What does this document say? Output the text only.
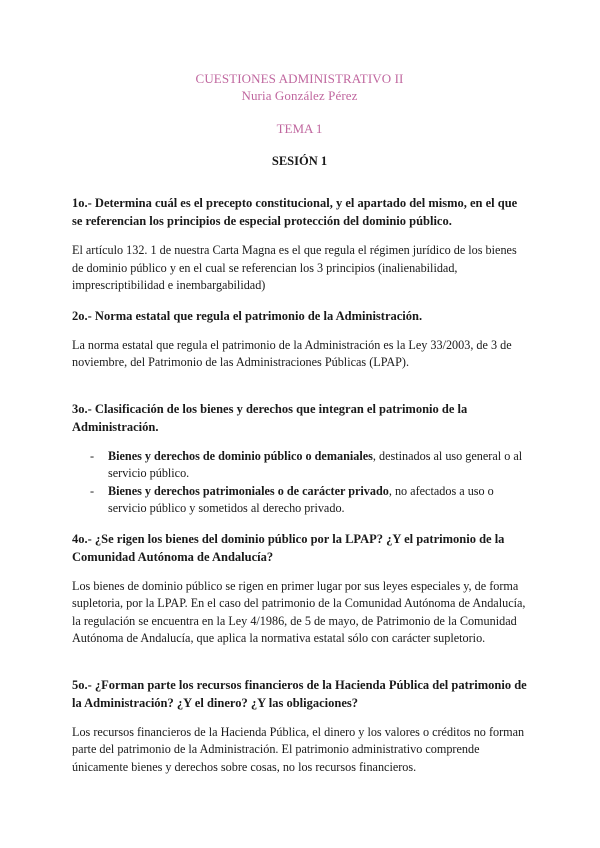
CUESTIONES ADMINISTRATIVO II

Nuria González Pérez

TEMA 1

SESIÓN 1

1o.- Determina cuál es el precepto constitucional, y el apartado del mismo, en el que se referencian los principios de especial protección del dominio público.

El artículo 132. 1 de nuestra Carta Magna es el que regula el régimen jurídico de los bienes de dominio público y en el cual se referencian los 3 principios (inalienabilidad, imprescriptibilidad e inembargabilidad)

2o.- Norma estatal que regula el patrimonio de la Administración.

La norma estatal que regula el patrimonio de la Administración es la Ley 33/2003, de 3 de noviembre, del Patrimonio de las Administraciones Públicas (LPAP).

3o.- Clasificación de los bienes y derechos que integran el patrimonio de la Administración.

- Bienes y derechos de dominio público o demaniales, destinados al uso general o al servicio público.
- Bienes y derechos patrimoniales o de carácter privado, no afectados a uso o servicio público y sometidos al derecho privado.

4o.- ¿Se rigen los bienes del dominio público por la LPAP? ¿Y el patrimonio de la Comunidad Autónoma de Andalucía?

Los bienes de dominio público se rigen en primer lugar por sus leyes especiales y, de forma supletoria, por la LPAP. En el caso del patrimonio de la Comunidad Autónoma de Andalucía, la regulación se encuentra en la Ley 4/1986, de 5 de mayo, de Patrimonio de la Comunidad Autónoma de Andalucía, que aplica la normativa estatal sólo con carácter supletorio.

5o.- ¿Forman parte los recursos financieros de la Hacienda Pública del patrimonio de la Administración? ¿Y el dinero? ¿Y las obligaciones?

Los recursos financieros de la Hacienda Pública, el dinero y los valores o créditos no forman parte del patrimonio de la Administración. El patrimonio administrativo comprende únicamente bienes y derechos sobre cosas, no los recursos financieros.
